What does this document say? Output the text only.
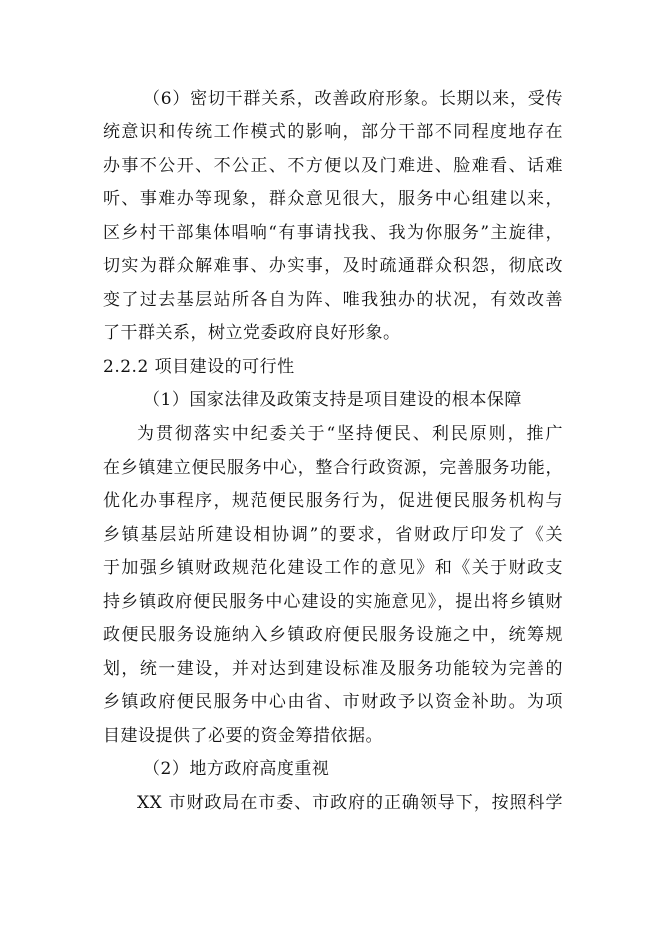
（6）密切干群关系，改善政府形象。长期以来，受传
统意识和传统工作模式的影响，部分干部不同程度地存在
办事不公开、不公正、不方便以及门难进、脸难看、话难
听、事难办等现象，群众意见很大，服务中心组建以来，
区乡村干部集体唱响“有事请找我、我为你服务”主旋律，
切实为群众解难事、办实事，及时疏通群众积怨，彻底改
变了过去基层站所各自为阵、唯我独办的状况，有效改善
了干群关系，树立党委政府良好形象。
2.2.2 项目建设的可行性
（1）国家法律及政策支持是项目建设的根本保障
为贯彻落实中纪委关于“坚持便民、利民原则，推广
在乡镇建立便民服务中心，整合行政资源，完善服务功能，
优化办事程序，规范便民服务行为，促进便民服务机构与
乡镇基层站所建设相协调”的要求，省财政厅印发了《关
于加强乡镇财政规范化建设工作的意见》和《关于财政支
持乡镇政府便民服务中心建设的实施意见》，提出将乡镇财
政便民服务设施纳入乡镇政府便民服务设施之中，统筹规
划，统一建设，并对达到建设标准及服务功能较为完善的
乡镇政府便民服务中心由省、市财政予以资金补助。为项
目建设提供了必要的资金筹措依据。
（2）地方政府高度重视
XX 市财政局在市委、市政府的正确领导下，按照科学
